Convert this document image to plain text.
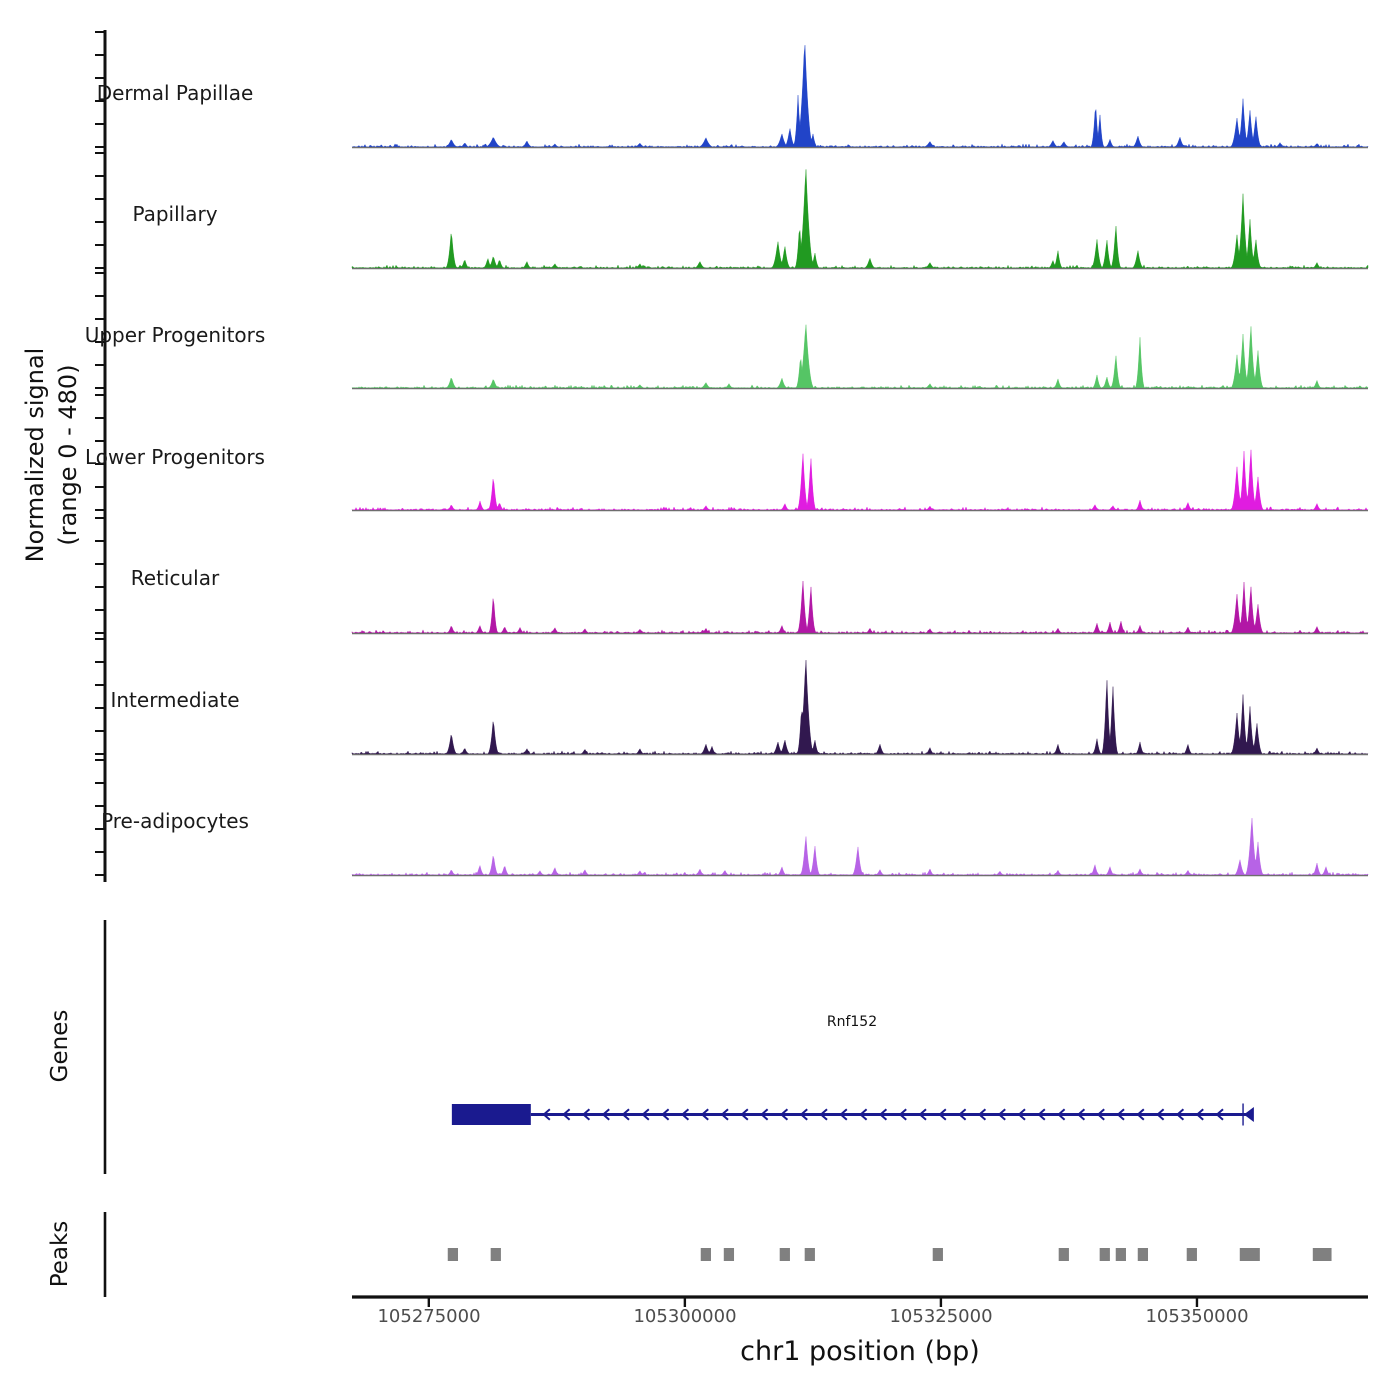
Normalized signal (range 0 - 480)
Dermal Papillae
Papillary
Upper Progenitors
Lower Progenitors
Reticular
Intermediate
Pre-adipocytes
Genes
Peaks
Rnf152
105275000	105300000	105325000	105350000
chr1 position (bp)
